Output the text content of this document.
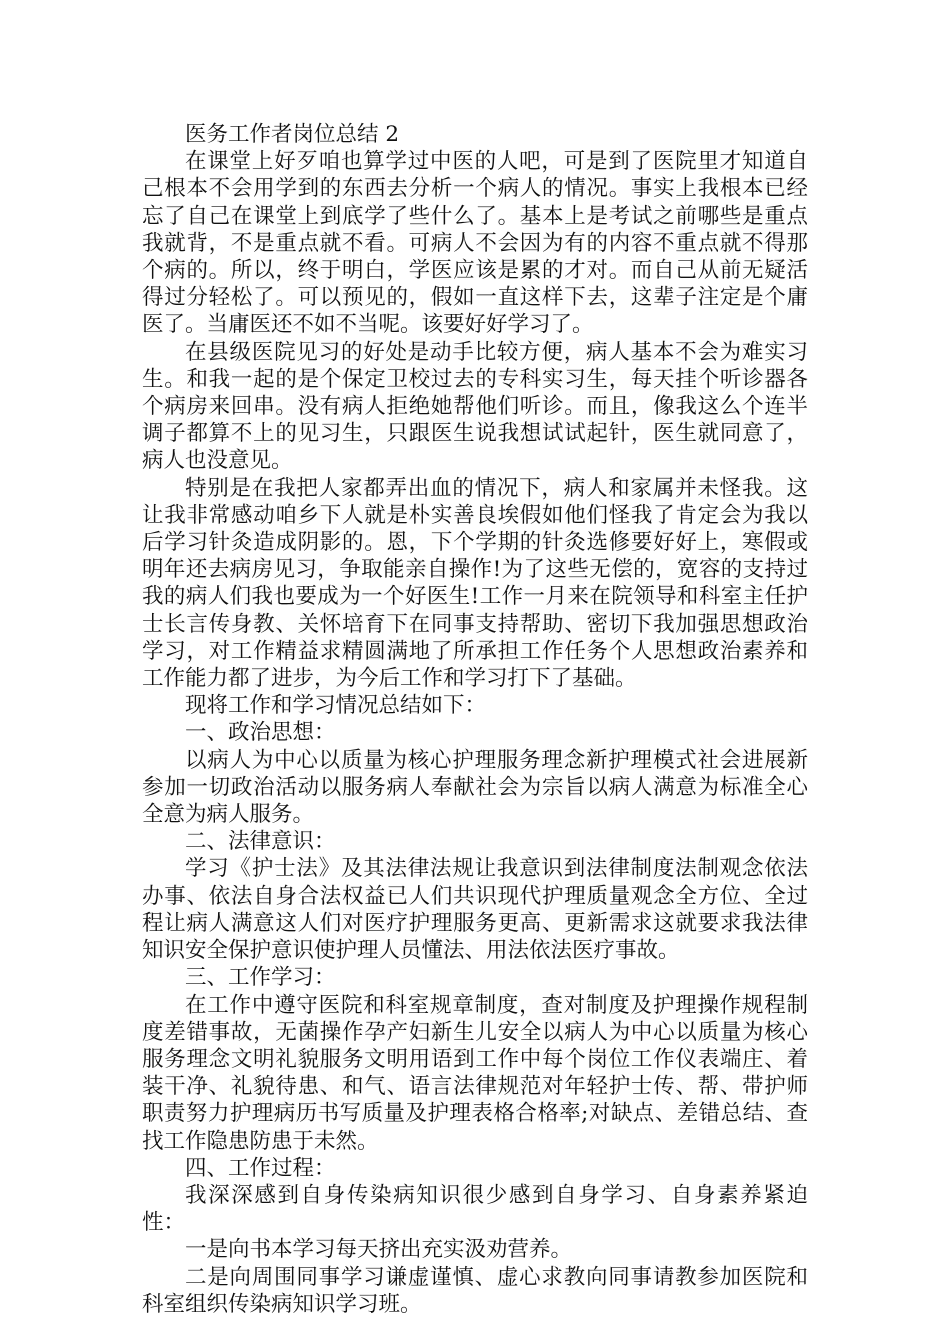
医务工作者岗位总结 2

在课堂上好歹咱也算学过中医的人吧，可是到了医院里才知道自己根本不会用学到的东西去分析一个病人的情况。事实上我根本已经忘了自己在课堂上到底学了些什么了。基本上是考试之前哪些是重点我就背，不是重点就不看。可病人不会因为有的内容不重点就不得那个病的。所以，终于明白，学医应该是累的才对。而自己从前无疑活得过分轻松了。可以预见的，假如一直这样下去，这辈子注定是个庸医了。当庸医还不如不当呢。该要好好学习了。

在县级医院见习的好处是动手比较方便，病人基本不会为难实习生。和我一起的是个保定卫校过去的专科实习生，每天挂个听诊器各个病房来回串。没有病人拒绝她帮他们听诊。而且，像我这么个连半调子都算不上的见习生，只跟医生说我想试试起针，医生就同意了，病人也没意见。

特别是在我把人家都弄出血的情况下，病人和家属并未怪我。这让我非常感动咱乡下人就是朴实善良埃假如他们怪我了肯定会为我以后学习针灸造成阴影的。恩，下个学期的针灸选修要好好上，寒假或明年还去病房见习，争取能亲自操作!为了这些无偿的，宽容的支持过我的病人们我也要成为一个好医生!工作一月来在院领导和科室主任护士长言传身教、关怀培育下在同事支持帮助、密切下我加强思想政治学习，对工作精益求精圆满地了所承担工作任务个人思想政治素养和工作能力都了进步，为今后工作和学习打下了基础。

现将工作和学习情况总结如下：

一、政治思想：

以病人为中心以质量为核心护理服务理念新护理模式社会进展新参加一切政治活动以服务病人奉献社会为宗旨以病人满意为标准全心全意为病人服务。

二、法律意识：

学习《护士法》及其法律法规让我意识到法律制度法制观念依法办事、依法自身合法权益已人们共识现代护理质量观念全方位、全过程让病人满意这人们对医疗护理服务更高、更新需求这就要求我法律知识安全保护意识使护理人员懂法、用法依法医疗事故。

三、工作学习：

在工作中遵守医院和科室规章制度，查对制度及护理操作规程制度差错事故，无菌操作孕产妇新生儿安全以病人为中心以质量为核心服务理念文明礼貌服务文明用语到工作中每个岗位工作仪表端庄、着装干净、礼貌待患、和气、语言法律规范对年轻护士传、帮、带护师职责努力护理病历书写质量及护理表格合格率;对缺点、差错总结、查找工作隐患防患于未然。

四、工作过程：

我深深感到自身传染病知识很少感到自身学习、自身素养紧迫性：

一是向书本学习每天挤出充实汲劝营养。

二是向周围同事学习谦虚谨慎、虚心求教向同事请教参加医院和科室组织传染病知识学习班。
